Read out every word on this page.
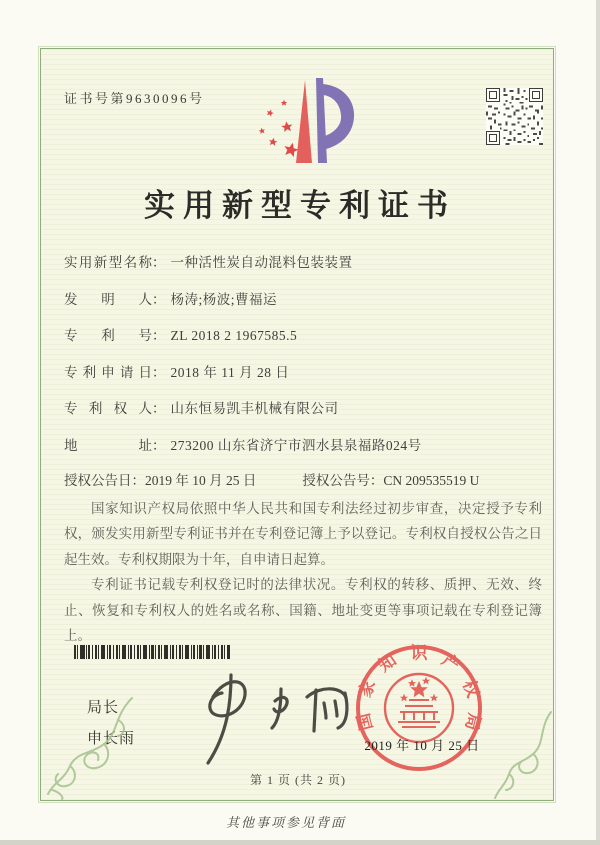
证书号第9630096号
实用新型专利证书
实用新型名称： 一种活性炭自动混料包装装置
发明人： 杨涛;杨波;曹福运
专利号： ZL 2018 2 1967585.5
专利申请日： 2018 年 11 月 28 日
专利权人： 山东恒易凯丰机械有限公司
地址： 273200 山东省济宁市泗水县泉福路024号
授权公告日：2019 年 10 月 25 日	授权公告号：CN 209535519 U

国家知识产权局依照中华人民共和国专利法经过初步审查，决定授予专利权，颁发实用新型专利证书并在专利登记簿上予以登记。专利权自授权公告之日起生效。专利权期限为十年，自申请日起算。

专利证书记载专利权登记时的法律状况。专利权的转移、质押、无效、终止、恢复和专利权人的姓名或名称、国籍、地址变更等事项记载在专利登记簿上。

局长
申长雨
国家知识产权局
2019 年 10 月 25 日
第 1 页 (共 2 页)
其他事项参见背面
